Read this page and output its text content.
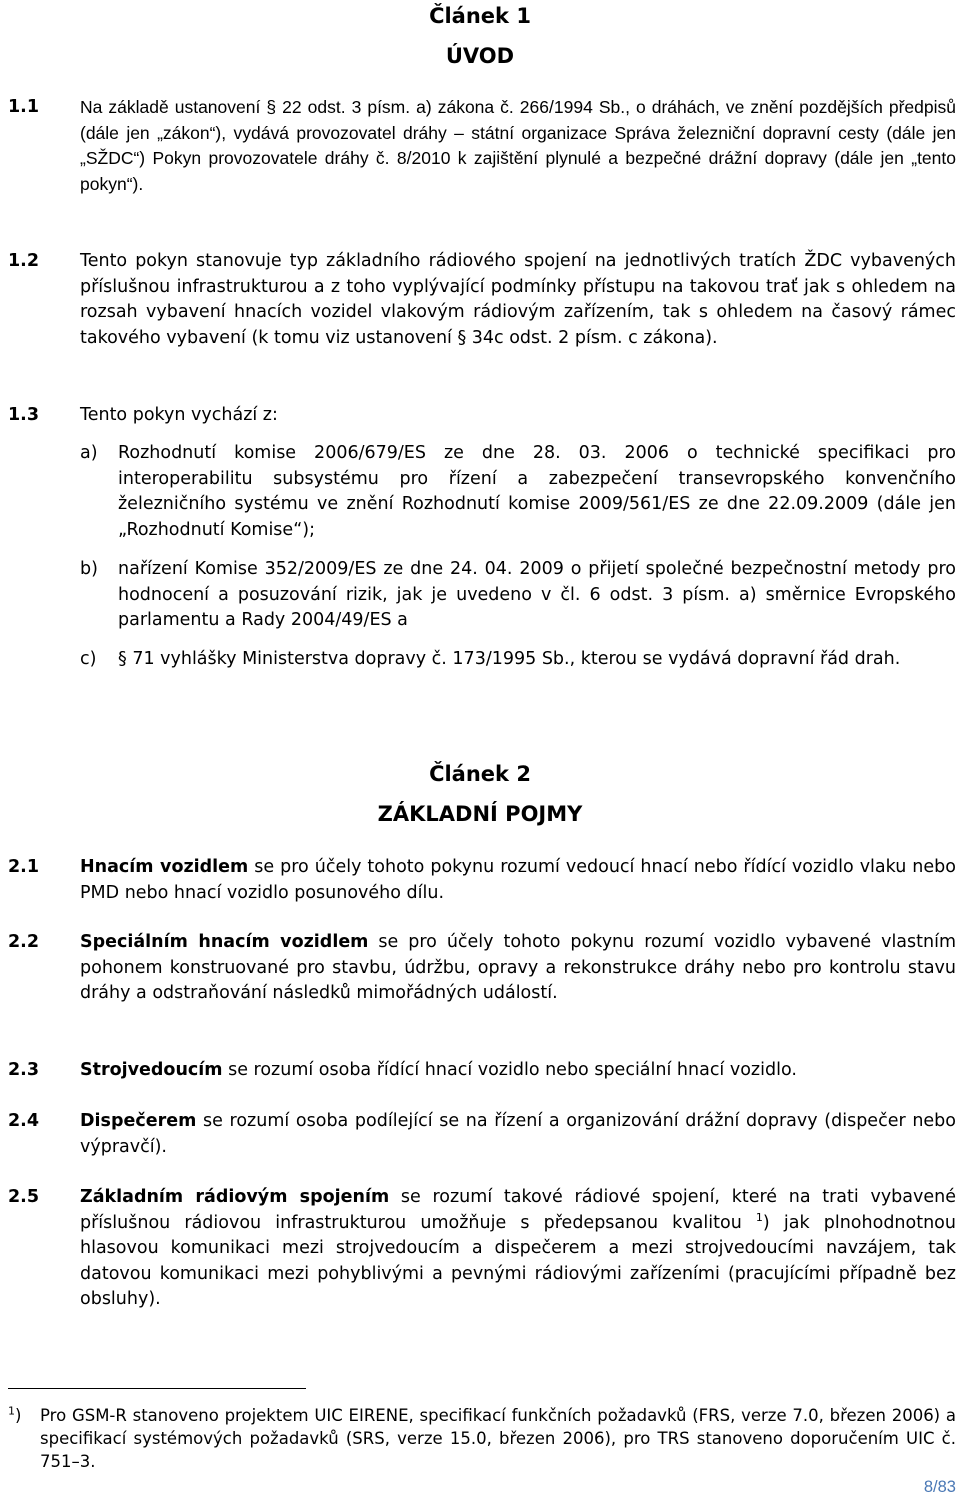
Článek 1
ÚVOD
1.1 Na základě ustanovení § 22 odst. 3 písm. a) zákona č. 266/1994 Sb., o dráhách, ve znění pozdějších předpisů (dále jen „zákon“), vydává provozovatel dráhy – státní organizace Správa železniční dopravní cesty (dále jen „SŽDC“) Pokyn provozovatele dráhy č. 8/2010 k zajištění plynulé a bezpečné drážní dopravy (dále jen „tento pokyn“).
1.2 Tento pokyn stanovuje typ základního rádiového spojení na jednotlivých tratích ŽDC vybavených příslušnou infrastrukturou a z toho vyplývající podmínky přístupu na takovou trať jak s ohledem na rozsah vybavení hnacích vozidel vlakovým rádiovým zařízením, tak s ohledem na časový rámec takového vybavení (k tomu viz ustanovení § 34c odst. 2 písm. c zákona).
1.3 Tento pokyn vychází z:
a) Rozhodnutí komise 2006/679/ES ze dne 28. 03. 2006 o technické specifikaci pro interoperabilitu subsystému pro řízení a zabezpečení transevropského konvenčního železničního systému ve znění Rozhodnutí komise 2009/561/ES ze dne 22.09.2009 (dále jen „Rozhodnutí Komise“);
b) nařízení Komise 352/2009/ES ze dne 24. 04. 2009 o přijetí společné bezpečnostní metody pro hodnocení a posuzování rizik, jak je uvedeno v čl. 6 odst. 3 písm. a) směrnice Evropského parlamentu a Rady 2004/49/ES a
c) § 71 vyhlášky Ministerstva dopravy č. 173/1995 Sb., kterou se vydává dopravní řád drah.
Článek 2
ZÁKLADNÍ POJMY
2.1 Hnacím vozidlem se pro účely tohoto pokynu rozumí vedoucí hnací nebo řídící vozidlo vlaku nebo PMD nebo hnací vozidlo posunového dílu.
2.2 Speciálním hnacím vozidlem se pro účely tohoto pokynu rozumí vozidlo vybavené vlastním pohonem konstruované pro stavbu, údržbu, opravy a rekonstrukce dráhy nebo pro kontrolu stavu dráhy a odstraňování následků mimořádných událostí.
2.3 Strojvedoucím se rozumí osoba řídící hnací vozidlo nebo speciální hnací vozidlo.
2.4 Dispečerem se rozumí osoba podílející se na řízení a organizování drážní dopravy (dispečer nebo výpravčí).
2.5 Základním rádiovým spojením se rozumí takové rádiové spojení, které na trati vybavené příslušnou rádiovou infrastrukturou umožňuje s předepsanou kvalitou $^1$) jak plnohodnotnou hlasovou komunikaci mezi strojvedoucím a dispečerem a mezi strojvedoucími navzájem, tak datovou komunikaci mezi pohyblivými a pevnými rádiovými zařízeními (pracujícími případně bez obsluhy).
$^1$) Pro GSM-R stanoveno projektem UIC EIRENE, specifikací funkčních požadavků (FRS, verze 7.0, březen 2006) a specifikací systémových požadavků (SRS, verze 15.0, březen 2006), pro TRS stanoveno doporučením UIC č. 751–3.
8/83
